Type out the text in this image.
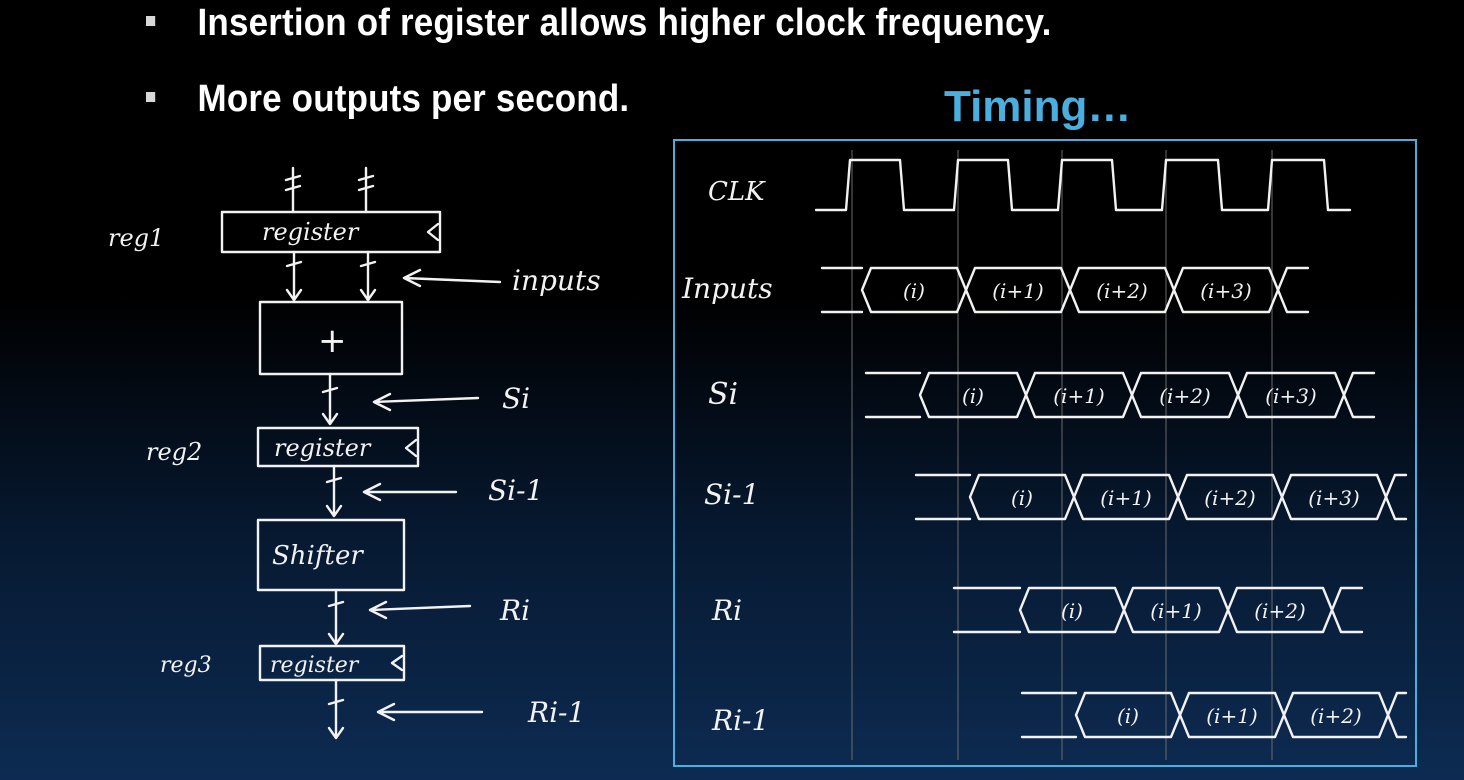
Insertion of register allows higher clock frequency.
More outputs per second.	Timing…
reg1	register
inputs
+
Si
reg2	register
Si-1
Shifter
Ri
reg3	register
Ri-1
CLK
Inputs
Si
Si-1
Ri
Ri-1
(i)	(i+1)	(i+2)	(i+3)
(i)	(i+1)	(i+2)	(i+3)
(i)	(i+1)	(i+2)	(i+3)
(i)	(i+1)	(i+2)
(i)	(i+1)	(i+2)
